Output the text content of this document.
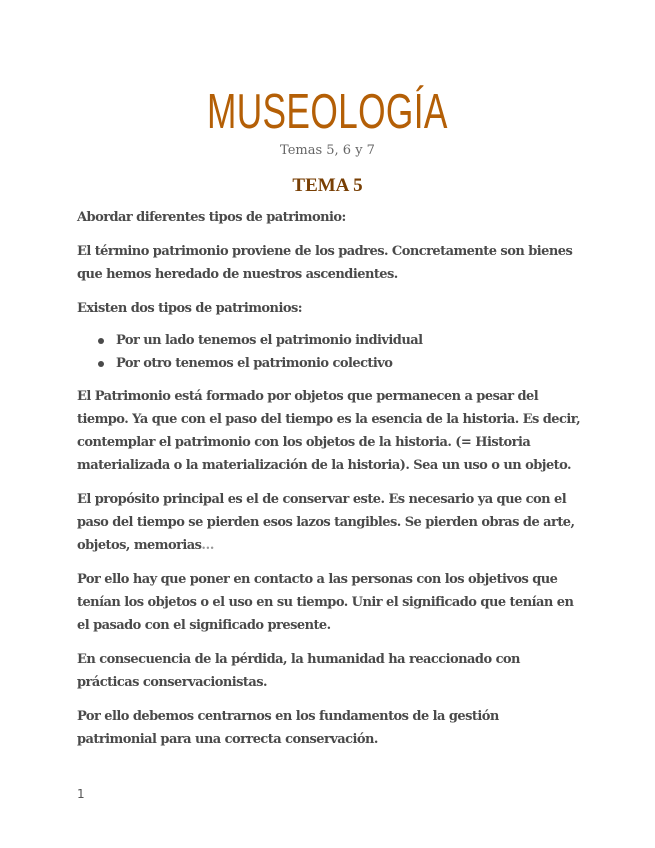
MUSEOLOGÍA
Temas 5, 6 y 7
TEMA 5

Abordar diferentes tipos de patrimonio:

El término patrimonio proviene de los padres. Concretamente son bienes que hemos heredado de nuestros ascendientes.

Existen dos tipos de patrimonios:

Por un lado tenemos el patrimonio individual
Por otro tenemos el patrimonio colectivo

El Patrimonio está formado por objetos que permanecen a pesar del tiempo. Ya que con el paso del tiempo es la esencia de la historia. Es decir, contemplar el patrimonio con los objetos de la historia. (= Historia materializada o la materialización de la historia). Sea un uso o un objeto.

El propósito principal es el de conservar este. Es necesario ya que con el paso del tiempo se pierden esos lazos tangibles. Se pierden obras de arte, objetos, memorias…

Por ello hay que poner en contacto a las personas con los objetivos que tenían los objetos o el uso en su tiempo. Unir el significado que tenían en el pasado con el significado presente.

En consecuencia de la pérdida, la humanidad ha reaccionado con prácticas conservacionistas.

Por ello debemos centrarnos en los fundamentos de la gestión patrimonial para una correcta conservación.

1
